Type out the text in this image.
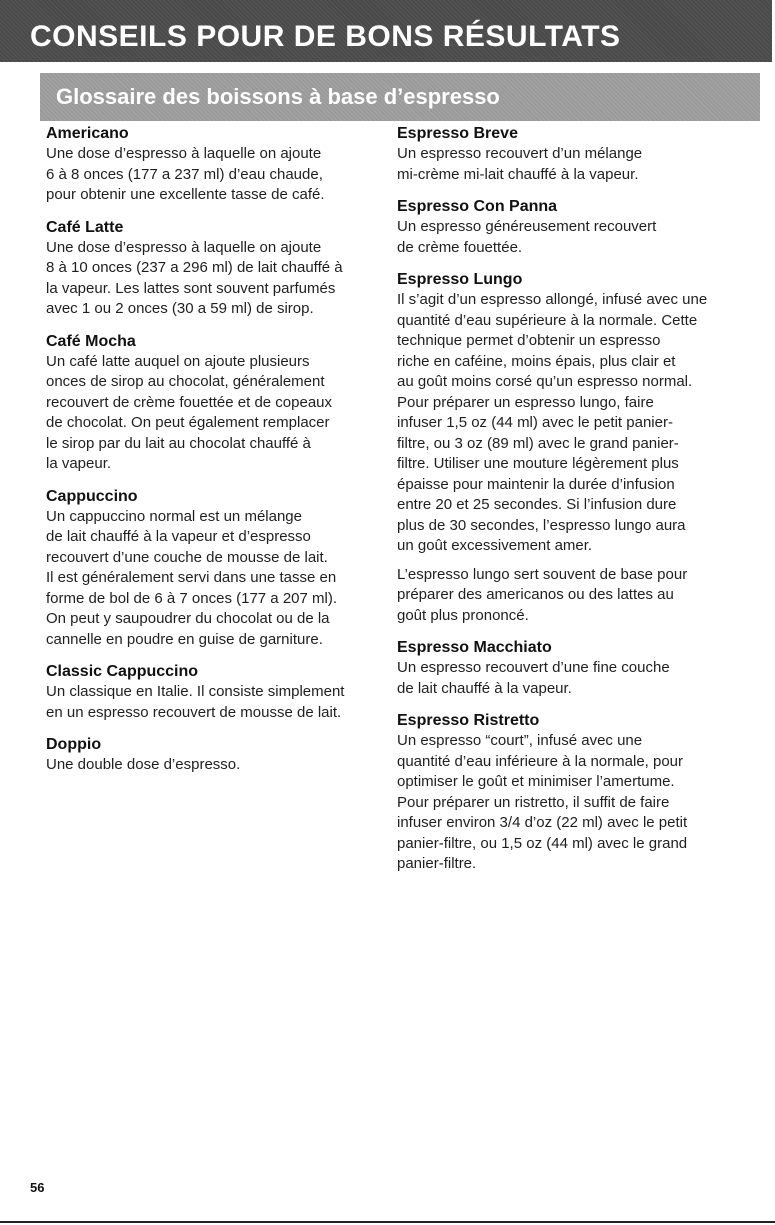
CONSEILS POUR DE BONS RÉSULTATS
Glossaire des boissons à base d’espresso
Americano

Une dose d’espresso à laquelle on ajoute
6 à 8 onces (177 a 237 ml) d’eau chaude,
pour obtenir une excellente tasse de café.

Café Latte

Une dose d’espresso à laquelle on ajoute
8 à 10 onces (237 a 296 ml) de lait chauffé à
la vapeur. Les lattes sont souvent parfumés
avec 1 ou 2 onces (30 a 59 ml) de sirop.

Café Mocha

Un café latte auquel on ajoute plusieurs
onces de sirop au chocolat, généralement
recouvert de crème fouettée et de copeaux
de chocolat. On peut également remplacer
le sirop par du lait au chocolat chauffé à
la vapeur.

Cappuccino

Un cappuccino normal est un mélange
de lait chauffé à la vapeur et d’espresso
recouvert d’une couche de mousse de lait.
Il est généralement servi dans une tasse en
forme de bol de 6 à 7 onces (177 a 207 ml).
On peut y saupoudrer du chocolat ou de la
cannelle en poudre en guise de garniture.

Classic Cappuccino

Un classique en Italie. Il consiste simplement
en un espresso recouvert de mousse de lait.

Doppio

Une double dose d’espresso.

Espresso Breve

Un espresso recouvert d’un mélange
mi-crème mi-lait chauffé à la vapeur.

Espresso Con Panna

Un espresso généreusement recouvert
de crème fouettée.

Espresso Lungo

Il s’agit d’un espresso allongé, infusé avec une
quantité d’eau supérieure à la normale. Cette
technique permet d’obtenir un espresso
riche en caféine, moins épais, plus clair et
au goût moins corsé qu’un espresso normal.
Pour préparer un espresso lungo, faire
infuser 1,5 oz (44 ml) avec le petit panier-
filtre, ou 3 oz (89 ml) avec le grand panier-
filtre. Utiliser une mouture légèrement plus
épaisse pour maintenir la durée d’infusion
entre 20 et 25 secondes. Si l’infusion dure
plus de 30 secondes, l’espresso lungo aura
un goût excessivement amer.

L’espresso lungo sert souvent de base pour
préparer des americanos ou des lattes au
goût plus prononcé.

Espresso Macchiato

Un espresso recouvert d’une fine couche
de lait chauffé à la vapeur.

Espresso Ristretto

Un espresso “court”, infusé avec une
quantité d’eau inférieure à la normale, pour
optimiser le goût et minimiser l’amertume.
Pour préparer un ristretto, il suffit de faire
infuser environ 3/4 d’oz (22 ml) avec le petit
panier-filtre, ou 1,5 oz (44 ml) avec le grand
panier-filtre.

56
